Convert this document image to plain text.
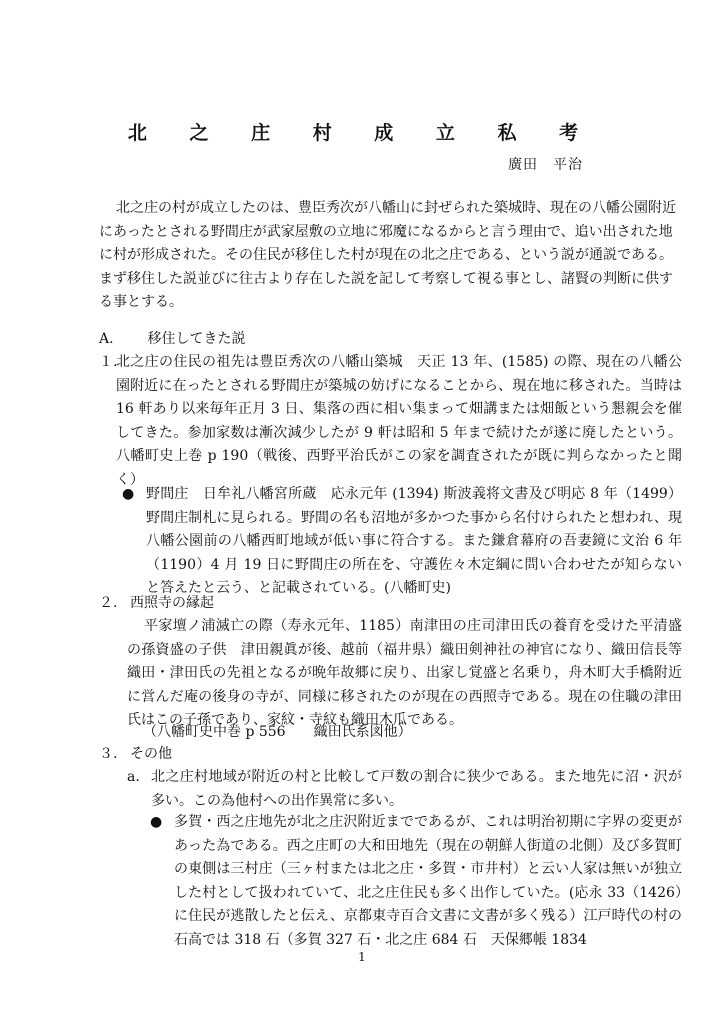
北 之 庄 村 成 立 私 考
廣田　平治

北之庄の村が成立したのは、豊臣秀次が八幡山に封ぜられた築城時、現在の八幡公園附近にあったとされる野間庄が武家屋敷の立地に邪魔になるからと言う理由で、追い出された地に村が形成された。その住民が移住した村が現在の北之庄である、という説が通説である。まず移住した説並びに往古より存在した説を記して考察して視る事とし、諸賢の判断に供する事とする。

A. 移住してきた説
１.
北之庄の住民の祖先は豊臣秀次の八幡山築城　天正 13 年、(1585) の際、現在の八幡公園附近に在ったとされる野間庄が築城の妨げになることから、現在地に移された。当時は 16 軒あり以来毎年正月 3 日、集落の西に相い集まって畑講または畑飯という懇親会を催してきた。参加家数は漸次減少したが 9 軒は昭和 5 年まで続けたが遂に廃したという。八幡町史上巻 p 190（戦後、西野平治氏がこの家を調査されたが既に判らなかったと聞く）
● 野間庄　日牟礼八幡宮所蔵　応永元年 (1394) 斯波義将文書及び明応 8 年（1499）野間庄制札に見られる。野間の名も沼地が多かつた事から名付けられたと想われ、現八幡公園前の八幡西町地域が低い事に符合する。また鎌倉幕府の吾妻鏡に文治 6 年（1190）4 月 19 日に野間庄の所在を、守護佐々木定綱に問い合わせたが知らないと答えたと云う、と記載されている。(八幡町史)
２. 西照寺の縁起
平家壇ノ浦滅亡の際（寿永元年、1185）南津田の庄司津田氏の養育を受けた平清盛の孫資盛の子供　津田親眞が後、越前（福井県）織田剣神社の神官になり、織田信長等織田・津田氏の先祖となるが晩年故郷に戻り、出家し覚盛と名乗り，舟木町大手橋附近に営んだ庵の後身の寺が、同様に移されたのが現在の西照寺である。現在の住職の津田氏はこの子孫であり、家紋・寺紋も織田木瓜である。
（八幡町史中巻 p 556　　織田氏系図他）
３. その他
a. 北之庄村地域が附近の村と比較して戸数の割合に狭少である。また地先に沼・沢が多い。この為他村への出作異常に多い。
● 多賀・西之庄地先が北之庄沢附近までであるが、これは明治初期に字界の変更があった為である。西之庄町の大和田地先（現在の朝鮮人街道の北側）及び多賀町の東側は三村庄（三ヶ村または北之庄・多賀・市井村）と云い人家は無いが独立した村として扱われていて、北之庄住民も多く出作していた。(応永 33（1426）に住民が逃散したと伝え、京都東寺百合文書に文書が多く残る）江戸時代の村の石高では 318 石（多賀 327 石・北之庄 684 石　天保郷帳 1834
1
